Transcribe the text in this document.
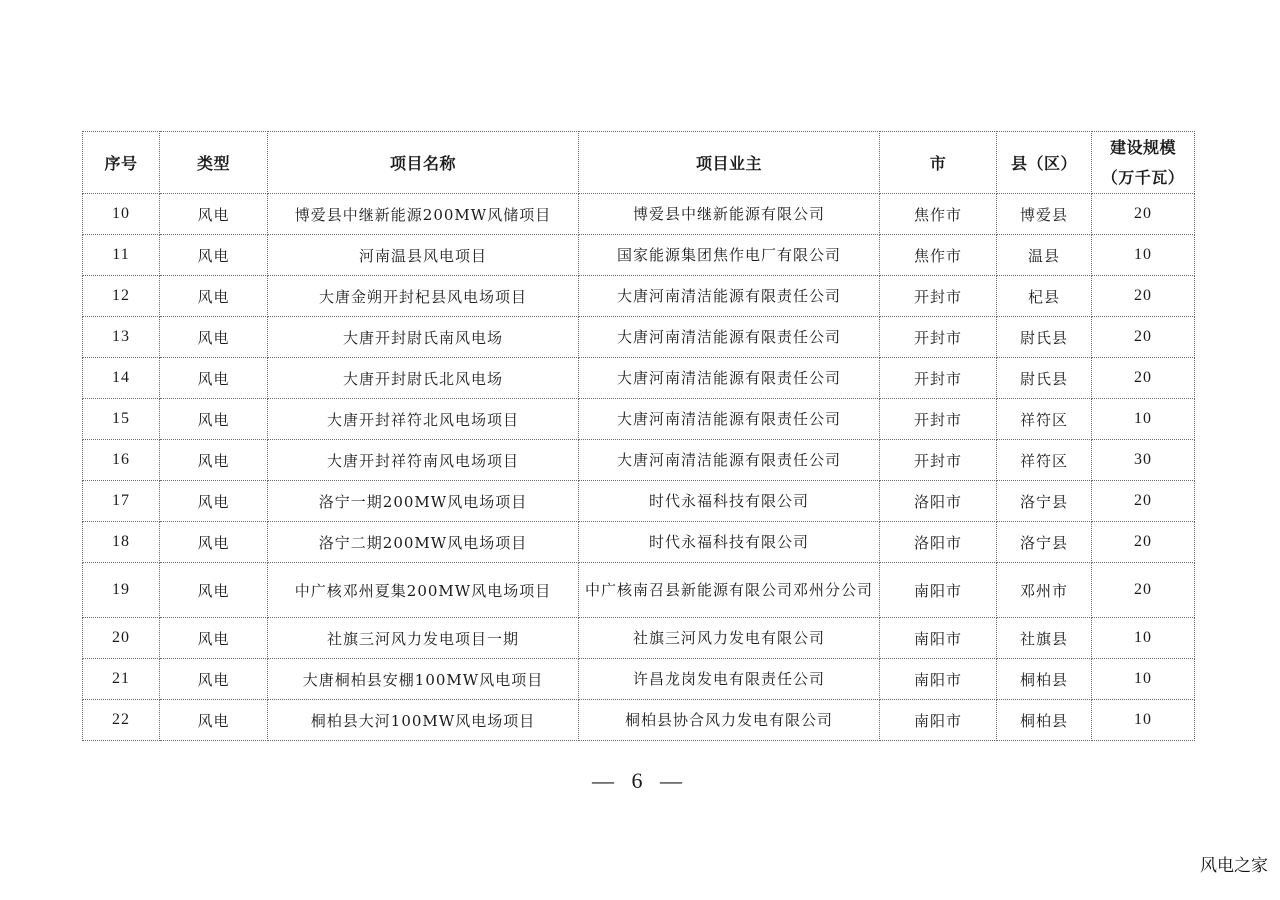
序号	类型	项目名称	项目业主	市	县（区）	建设规模
（万千瓦）

10	风电	博爱县中继新能源200MW风储项目	博爱县中继新能源有限公司	焦作市	博爱县	20
11	风电	河南温县风电项目	国家能源集团焦作电厂有限公司	焦作市	温县	10
12	风电	大唐金朔开封杞县风电场项目	大唐河南清洁能源有限责任公司	开封市	杞县	20
13	风电	大唐开封尉氏南风电场	大唐河南清洁能源有限责任公司	开封市	尉氏县	20
14	风电	大唐开封尉氏北风电场	大唐河南清洁能源有限责任公司	开封市	尉氏县	20
15	风电	大唐开封祥符北风电场项目	大唐河南清洁能源有限责任公司	开封市	祥符区	10
16	风电	大唐开封祥符南风电场项目	大唐河南清洁能源有限责任公司	开封市	祥符区	30
17	风电	洛宁一期200MW风电场项目	时代永福科技有限公司	洛阳市	洛宁县	20
18	风电	洛宁二期200MW风电场项目	时代永福科技有限公司	洛阳市	洛宁县	20
19	风电	中广核邓州夏集200MW风电场项目	中广核南召县新能源有限公司邓州分公司	南阳市	邓州市	20
20	风电	社旗三河风力发电项目一期	社旗三河风力发电有限公司	南阳市	社旗县	10
21	风电	大唐桐柏县安棚100MW风电项目	许昌龙岗发电有限责任公司	南阳市	桐柏县	10
22	风电	桐柏县大河100MW风电场项目	桐柏县协合风力发电有限公司	南阳市	桐柏县	10
— 6 —
风电之家
